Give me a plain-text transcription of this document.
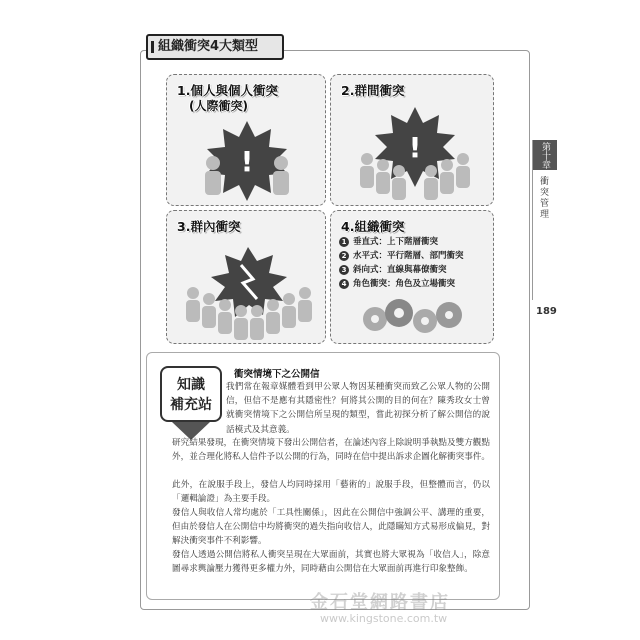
組織衝突4大類型
1.個人與個人衝突
(人際衝突)
!
2.群間衝突
!
3.群內衝突	4.組織衝突
1 垂直式：上下階層衝突
2 水平式：平行階層、部門衝突
3 斜向式：直線與幕僚衝突
4 角色衝突：角色及立場衝突
第十章
衝突管理
189
知識
補充站
衝突情境下之公開信
我們常在報章媒體看到甲公眾人物因某種衝突而致乙公眾人物的公開信，但信不是應有其隱密性？何將其公開的目的何在？陳秀玫女士曾就衝突情境下之公開信所呈現的類型，嘗此初探分析了解公開信的說話模式及其意義。
研究結果發現，在衝突情境下發出公開信者，在論述內容上除說明爭執點及雙方觀點外，並合理化將私人信件予以公開的行為，同時在信中提出訴求企圖化解衝突事件。
此外，在說服手段上，發信人均同時採用「藝術的」說服手段，但整體而言，仍以「邏輯論證」為主要手段。
發信人與收信人常均處於「工具性關係」，因此在公開信中強調公平、講理的重要，但由於發信人在公開信中均將衝突的過失指向收信人，此隱瞞知方式易形成偏見，對解決衝突事件不利影響。
發信人透過公開信將私人衝突呈現在大眾面前，其實也將大眾視為「收信人」，除意圖尋求輿論壓力獲得更多權力外，同時藉由公開信在大眾面前再進行印象整飾。
金石堂網路書店
www.kingstone.com.tw
